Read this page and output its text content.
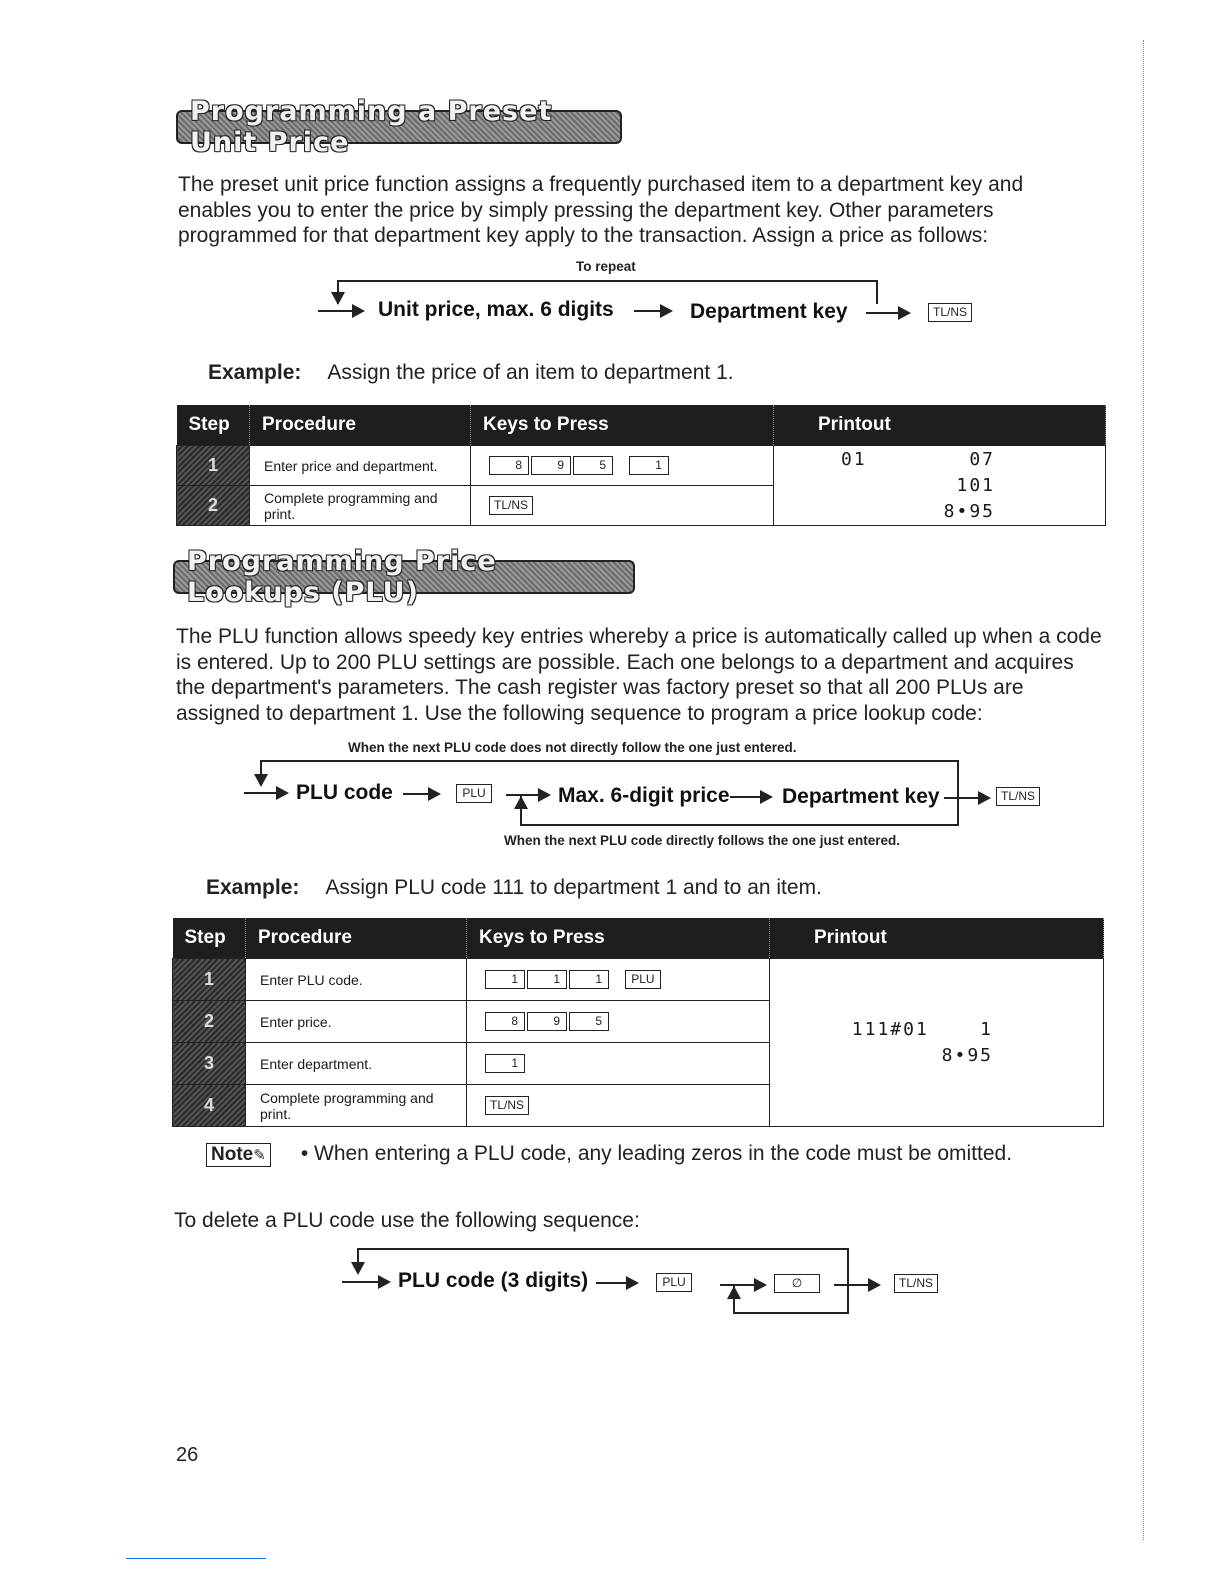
Programming a Preset Unit Price
The preset unit price function assigns a frequently purchased item to a department key and enables you to enter the price by simply pressing the department key. Other parameters programmed for that department key apply to the transaction. Assign a price as follows:
To repeat
Unit price, max. 6 digits	Department key	TL/NS
Example: Assign the price of an item to department 1.
Step	Procedure	Keys to Press	Printout
1	Enter price and department.	8 9 5 1	01        07
101
8•95

2	Complete programming and print.	TL/NS	
Programming Price Lookups (PLU)
The PLU function allows speedy key entries whereby a price is automatically called up when a code is entered. Up to 200 PLU settings are possible. Each one belongs to a department and acquires the department's parameters. The cash register was factory preset so that all 200 PLUs are assigned to department 1. Use the following sequence to program a price lookup code:
When the next PLU code does not directly follow the one just entered.
PLU code	PLU	Max. 6-digit price Department key	TL/NS
When the next PLU code directly follows the one just entered.
Example: Assign PLU code 111 to department 1 and to an item.
Step	Procedure	Keys to Press	Printout
1	Enter PLU code.	1 1 1 PLU	111#01    1
8•95

2	Enter price.	8 9 5	
3	Enter department.	1	
4	Complete programming and print.	TL/NS	
Note✎ • When entering a PLU code, any leading zeros in the code must be omitted.
To delete a PLU code use the following sequence:
PLU code (3 digits)	PLU	∅	TL/NS
26
